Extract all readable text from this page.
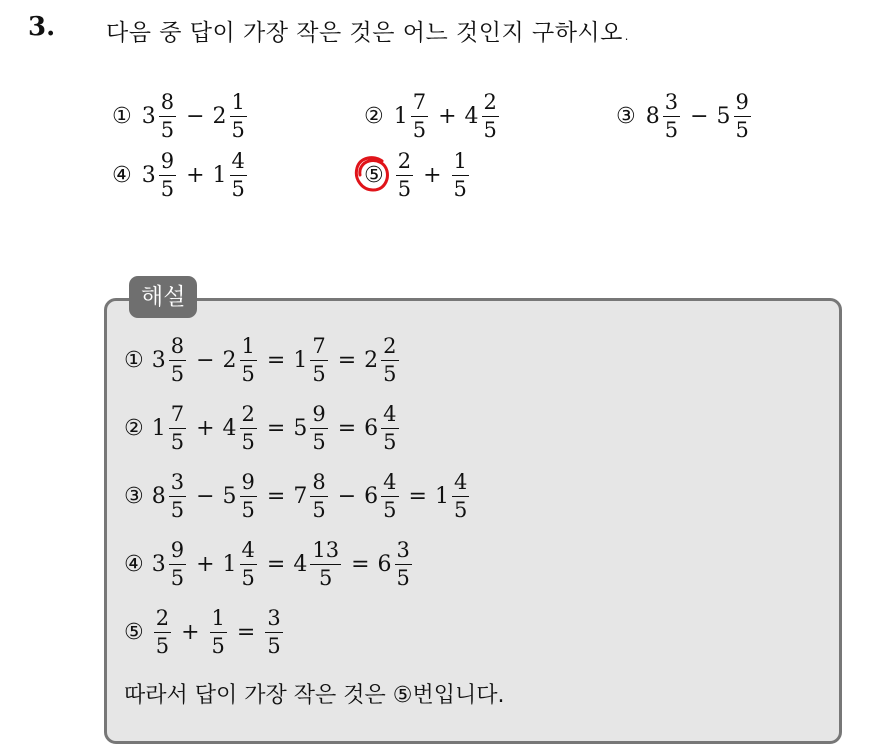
3. 다음 중 답이 가장 작은 것은 어느 것인지 구하시오.
① $3 \frac{8}{5} - 2 \frac{1}{5}$	② $1 \frac{7}{5} + 4 \frac{2}{5}$	③ $8 \frac{3}{5} - 5 \frac{9}{5}$
④ $3 \frac{9}{5} + 1 \frac{4}{5}$	⑤ $\frac{2}{5} + \frac{1}{5}$
해설
① $3 \frac{8}{5} - 2 \frac{1}{5} = 1 \frac{7}{5} = 2 \frac{2}{5}$
② $1 \frac{7}{5} + 4 \frac{2}{5} = 5 \frac{9}{5} = 6 \frac{4}{5}$
③ $8 \frac{3}{5} - 5 \frac{9}{5} = 7 \frac{8}{5} - 6 \frac{4}{5} = 1 \frac{4}{5}$
④ $3 \frac{9}{5} + 1 \frac{4}{5} = 4 \frac{13}{5} = 6 \frac{3}{5}$
⑤ $\frac{2}{5} + \frac{1}{5} = \frac{3}{5}$
따라서 답이 가장 작은 것은 ⑤번입니다.
